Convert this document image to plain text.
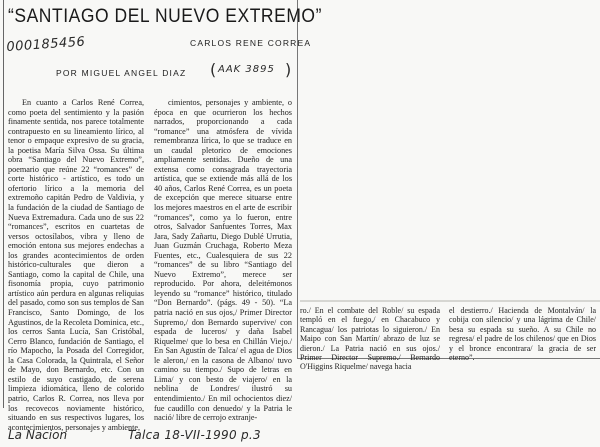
“SANTIAGO DEL NUEVO EXTREMO”
CARLOS RENE CORREA
POR MIGUEL ANGEL DIAZ
000185456
( AAK 3895 )

En cuanto a Carlos René Correa, como poeta del sentimiento y la pasión finamente sentida, nos parece totalmente contrapuesto en su lineamiento lírico, al tenor o empaque expresivo de su gracia, la poetisa María Silva Ossa. Su última obra “Santiago del Nuevo Extremo”, poemario que reúne 22 “romances” de corte histórico - artístico, es todo un ofertorio lírico a la memoria del extremoño capitán Pedro de Valdivia, y la fundación de la ciudad de Santiago de Nueva Extremadura. Cada uno de sus 22 “romances”, escritos en cuartetas de versos octosílabos, vibra y lleno de emoción entona sus mejores endechas a los grandes acontecimientos de orden histórico-culturales que dieron a Santiago, como la capital de Chile, una fisonomía propia, cuyo patrimonio artístico aún perdura en algunas reliquias del pasado, como son sus templos de San Francisco, Santo Domingo, de los Agustinos, de la Recoleta Dominica, etc., los cerros Santa Lucía, San Cristóbal, Cerro Blanco, fundación de Santiago, el río Mapocho, la Posada del Corregidor, la Casa Colorada, la Quintrala, el Señor de Mayo, don Bernardo, etc. Con un estilo de suyo castigado, de serena limpieza idiomática, lleno de colorido patrio, Carlos R. Correa, nos lleva por los recovecos noviamente histórico, situando en sus respectivos lugares, los acontecimientos, personajes y ambiente,

cimientos, personajes y ambiente, o época en que ocurrieron los hechos narrados, proporcionando a cada “romance” una atmósfera de vívida remembranza lírica, lo que se traduce en un caudal pletorico de emociones ampliamente sentidas. Dueño de una extensa como consagrada trayectoria artística, que se extiende más allá de los 40 años, Carlos René Correa, es un poeta de excepción que merece situarse entre los mejores maestros en el arte de escribir “romances”, como ya lo fueron, entre otros, Salvador Sanfuentes Torres, Max Jara, Sady Zañartu, Diego Dublé Urrutia, Juan Guzmán Cruchaga, Roberto Meza Fuentes, etc., Cualesquiera de sus 22 “romances” de su libro “Santiago del Nuevo Extremo”, merece ser reproducido. Por ahora, deleitémonos leyendo su “romance” histórico, titulado “Don Bernardo”. (págs. 49 - 50). “La patria nació en sus ojos,/ Primer Director Supremo,/ don Bernardo supervive/ con espada de luceros/ y daña Isabel Riquelme/ que lo besa en Chillán Viejo./ En San Agustín de Talca/ el agua de Dios le aleron,/ en la casona de Albano/ tuvo camino su tiempo./ Supo de letras en Lima/ y con besto de viajero/ en la neblina de Londres/ ilustró su entendimiento./ En mil ochocientos diez/ fue caudillo con denuedo/ y la Patria le nació/ libre de cerrojo extranje-

ro./ En el combate del Roble/ su espada templó en el fuego,/ en Chacabuco y Rancagua/ los patriotas lo siguieron./ En Maipo con San Martín/ abrazo de luz se dieron./ La Patria nació en sus ojos./ Primer Director Supremo./ Bernardo O'Higgins Riquelme/ navega hacia

el destierro./ Hacienda de Montalván/ la cobija con silencio/ y una lágrima de Chile/ besa su espada su sueño. A su Chile no regresa/ el padre de los chilenos/ que en Dios y el bronce encontrara/ la gracia de ser eterno”.

La Nacion	Talca 18-VII-1990 p.3
